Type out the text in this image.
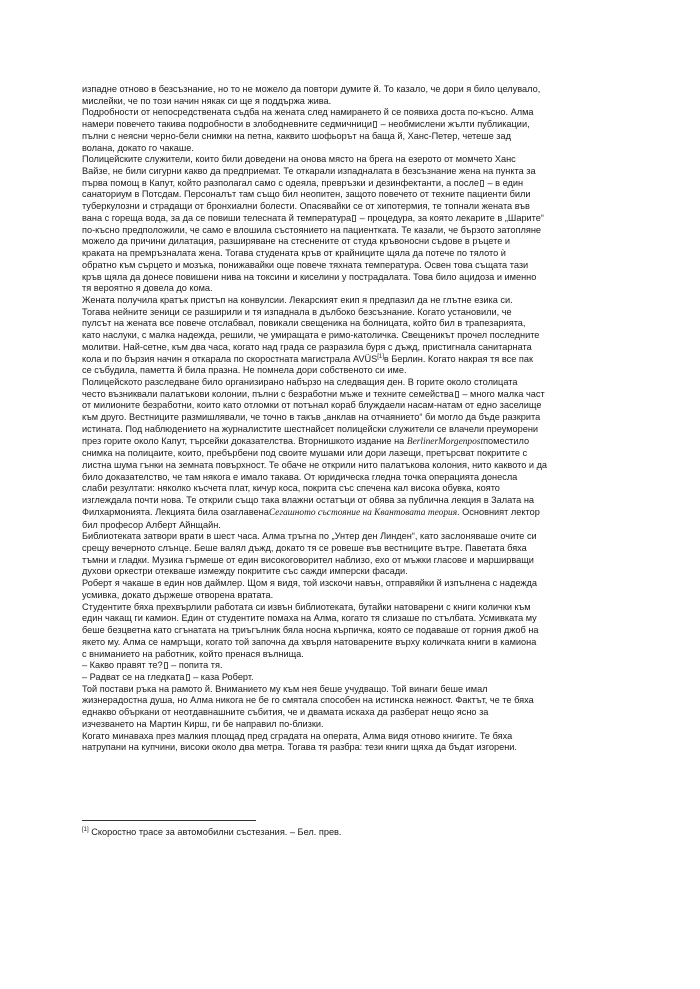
изпадне отново в безсъзнание, но то не можело да повтори думите й. То казало, че дори я било целувало,
мислейки, че по този начин някак си ще я поддържа жива.

Подробности от непосредствената съдба на жената след намирането й се появиха доста по-късно. Алма
намери повечето такива подробности в злободневните седмичници – необмислени жълти публикации,
пълни с неясни черно-бели снимки на петна, каквито шофьорът на баща й, Ханс-Петер, четеше зад
волана, докато го чакаше.

Полицейските служители, които били доведени на онова място на брега на езерото от момчето Ханс
Вайзе, не били сигурни какво да предприемат. Те откарали изпадналата в безсъзнание жена на пункта за
първа помощ в Капут, който разполагал само с одеяла, превръзки и дезинфектанти, а после – в един
санаториум в Потсдам. Персоналът там също бил неопитен, защото повечето от техните пациенти били
туберкулозни и страдащи от бронхиални болести. Опасявайки се от хипотермия, те топнали жената във
вана с гореща вода, за да се повиши телесната й температура – процедура, за която лекарите в „Шарите“
по-късно предположили, че само е влошила състоянието на пациентката. Те казали, че бързото затопляне
можело да причини дилатация, разширяване на стеснените от студа кръвоносни съдове в ръцете и
краката на премръзналата жена. Тогава студената кръв от крайниците щяла да потече по тялото ѝ
обратно към сърцето и мозъка, понижавайки още повече тяхната температура. Освен това същата тази
кръв щяла да донесе повишени нива на токсини и киселини у пострадалата. Това било ацидоза и именно
тя вероятно я довела до кома.

Жената получила кратък пристъп на конвулсии. Лекарският екип я предпазил да не глътне езика си.
Тогава нейните зеници се разширили и тя изпаднала в дълбоко безсъзнание. Когато установили, че
пулсът на жената все повече отслабвал, повикали свещеника на болницата, който бил в трапезарията,
като наслуки, с малка надежда, решили, че умиращата е римо-католичка. Свещеникът прочел последните
молитви. Най-сетне, към два часа, когато над града се разразила буря с дъжд, пристигнала санитарната
кола и по бързия начин я откарала по скоростната магистрала AVÜS[1]в Берлин. Когато накрая тя все пак
се събудила, паметта й била празна. Не помнела дори собственото си име.

Полицейското разследване било организирано набързо на следващия ден. В горите около столицата
често възниквали палатъкови колонии, пълни с безработни мъже и техните семейства – много малка част
от милионите безработни, които като отломки от потънал кораб блуждаели насам-натам от едно заселище
към друго. Вестниците размишлявали, че точно в такъв „анклав на отчаянието“ би могло да бъде разкрита
истината. Под наблюдението на журналистите шестнайсет полицейски служители се влачели преуморени
през горите около Капут, търсейки доказателства. Вторнишкото издание на BerlinerMorgenpostпоместило
снимка на полицаите, които, пребърбени под своите мушами или дори лазещи, претърсват покритите с
листна шума гънки на земната повърхност. Те обаче не открили нито палатъкова колония, нито каквото и да
било доказателство, че там някога е имало такава. От юридическа гледна точка операцията донесла
слаби резултати: няколко късчета плат, кичур коса, покрита със спечена кал висока обувка, която
изглеждала почти нова. Те открили също така влажни остатъци от обява за публична лекция в Залата на
Филхармонията. Лекцията била озаглавенаСегашното състояние на Квантовата теория. Основният лектор
бил професор Алберт Айнщайн.

Библиотеката затвори врати в шест часа. Алма тръгна по „Унтер ден Линден“, като заслоняваше очите си
срещу вечерното слънце. Беше валял дъжд, докато тя се ровеше във вестниците вътре. Паветата бяха
тъмни и гладки. Музика гърмеше от един високоговорител наблизо, ехо от мъжки гласове и марширващи
духови оркестри отекваше измежду покритите със сажди имперски фасади.

Роберт я чакаше в един нов даймлер. Щом я видя, той изскочи навън, отправяйки й изпълнена с надежда
усмивка, докато държеше отворена вратата.

Студентите бяха прехвърлили работата си извън библиотеката, бутайки натоварени с книги колички към
един чакащ ги камион. Един от студентите помаха на Алма, когато тя слизаше по стълбата. Усмивката му
беше безцветна като сгънатата на триъгълник бяла носна кърпичка, която се подаваше от горния джоб на
якето му. Алма се намръщи, когато той започна да хвърля натоварените върху количката книги в камиона
с вниманието на работник, който пренася вълнища.

– Какво правят те? – попита тя.

– Радват се на гледката – каза Роберт.

Той постави ръка на рамото й. Вниманието му към нея беше учудващо. Той винаги беше имал
жизнерадостна душа, но Алма никога не бе го смятала способен на истинска нежност. Фактът, че те бяха
еднакво объркани от неотдавнашните събития, че и двамата искаха да разберат нещо ясно за
изчезването на Мартин Кирш, ги бе направил по-близки.

Когато минаваха през малкия площад пред сградата на операта, Алма видя отново книгите. Те бяха
натрупани на купчини, високи около два метра. Тогава тя разбра: тези книги щяха да бъдат изгорени.

[1] Скоростно трасе за автомобилни състезания. – Бел. прев.
